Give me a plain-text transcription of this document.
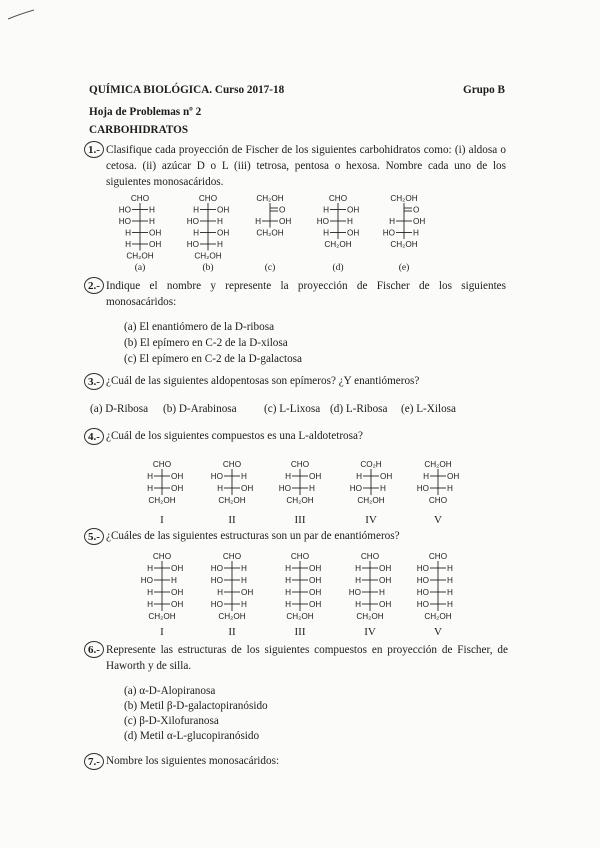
QUÍMICA BIOLÓGICA. Curso 2017-18	Grupo B
Hoja de Problemas nº 2
CARBOHIDRATOS
1.- Clasifique cada proyección de Fischer de los siguientes carbohidratos como: (i) aldosa o cetosa. (ii) azúcar D o L (iii) tetrosa, pentosa o hexosa. Nombre cada uno de los siguientes monosacáridos.
CHO
HO H
HO H
H OH
H OH
CH₂OH
(a)
CHO
H OH
HO H
H OH
HO H
CH₂OH
(b)
CH₂OH
O
H OH
CH₂OH
(c)
CHO
H OH
HO H
H OH
CH₂OH
(d)
CH₂OH
O
H OH
HO H
CH₂OH
(e)
2.- Indique el nombre y represente la proyección de Fischer de los siguientes monosacáridos:
(a) El enantiómero de la D-ribosa
(b) El epímero en C-2 de la D-xilosa
(c) El epímero en C-2 de la D-galactosa
3.- ¿Cuál de las siguientes aldopentosas son epímeros? ¿Y enantiómeros?
(a) D-Ribosa (b) D-Arabinosa (c) L-Lixosa (d) L-Ribosa (e) L-Xilosa
4.- ¿Cuál de los siguientes compuestos es una L-aldotetrosa?
CHO
H OH
H OH
CH₂OH
I
CHO
HO H
H OH
CH₂OH
II
CHO
H OH
HO H
CH₂OH
III
CO₂H
H OH
HO H
CH₂OH
IV
CH₂OH
H OH
HO H
CHO
V
5.- ¿Cuáles de las siguientes estructuras son un par de enantiómeros?
CHO
H OH
HO H
H OH
H OH
CH₂OH
I
CHO
HO H
HO H
H OH
HO H
CH₂OH
II
CHO
H OH
H OH
H OH
H OH
CH₂OH
III
CHO
H OH
H OH
HO H
H OH
CH₂OH
IV
CHO
HO H
HO H
HO H
HO H
CH₂OH
V
6.- Represente las estructuras de los siguientes compuestos en proyección de Fischer, de Haworth y de silla.
(a) α-D-Alopiranosa
(b) Metil β-D-galactopiranósido
(c) β-D-Xilofuranosa
(d) Metil α-L-glucopiranósido
7.- Nombre los siguientes monosacáridos:
